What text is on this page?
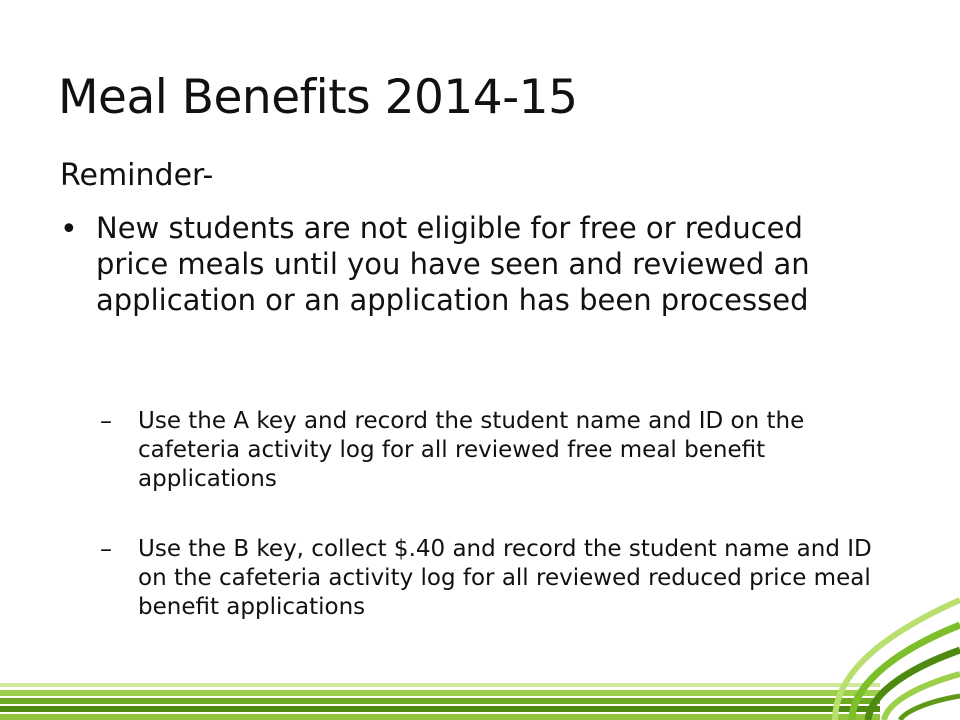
Meal Benefits 2014-15

Reminder-

• New students are not eligible for free or reduced price meals until you have seen and reviewed an application or an application has been processed
– Use the A key and record the student name and ID on the cafeteria activity log for all reviewed free meal benefit applications
– Use the B key, collect $.40 and record the student name and ID on the cafeteria activity log for all reviewed reduced price meal benefit applications
